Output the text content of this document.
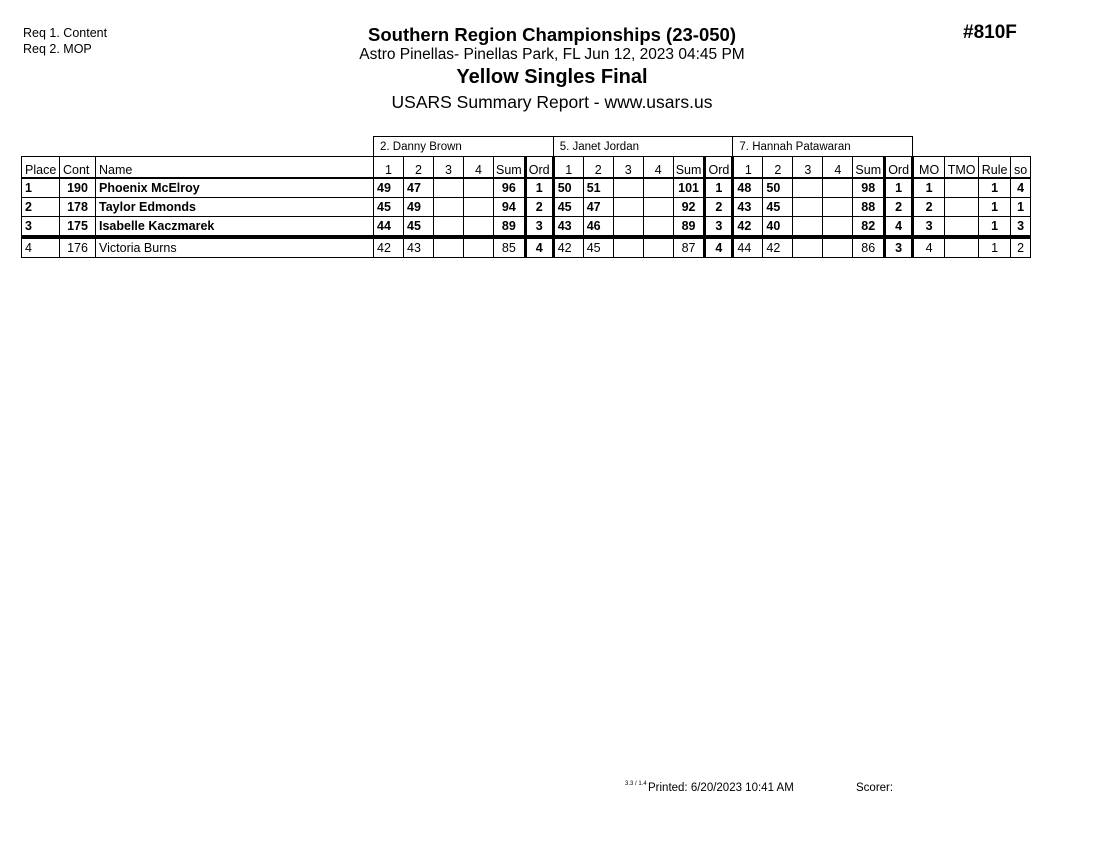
Req 1. Content
Req 2. MOP
Southern Region Championships (23-050)
Astro Pinellas- Pinellas Park, FL Jun 12, 2023 04:45 PM
Yellow Singles Final
USARS Summary Report - www.usars.us
#810F
			2. Danny Brown						5. Janet Jordan						7. Hannah Patawaran									
Place	Cont	Name	1	2	3	4	Sum	Ord	1	2	3	4	Sum	Ord	1	2	3	4	Sum	Ord	MO	TMO	Rule	so
1	190	Phoenix McElroy	49	47			96	1	50	51			101	1	48	50			98	1	1		1	4
2	178	Taylor Edmonds	45	49			94	2	45	47			92	2	43	45			88	2	2		1	1
3	175	Isabelle Kaczmarek	44	45			89	3	43	46			89	3	42	40			82	4	3		1	3
4	176	Victoria Burns	42	43			85	4	42	45			87	4	44	42			86	3	4		1	2
3.3 / 1.4 Printed: 6/20/2023 10:41 AM	Scorer:
